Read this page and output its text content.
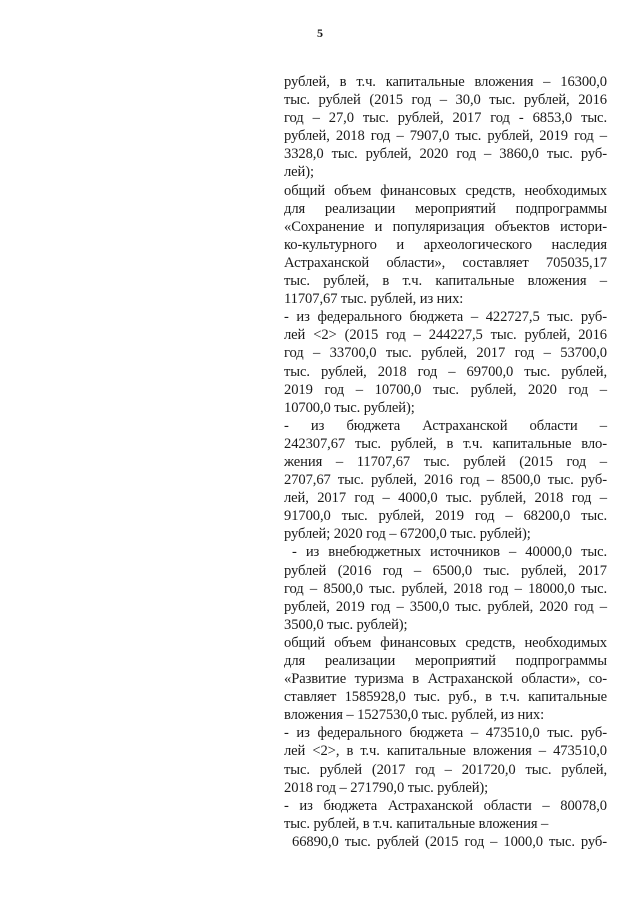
5
рублей, в т.ч. капитальные вложения – 16300,0
тыс. рублей (2015 год – 30,0 тыс. рублей, 2016
год – 27,0 тыс. рублей, 2017 год - 6853,0 тыс.
рублей, 2018 год – 7907,0 тыс. рублей, 2019 год –
3328,0 тыс. рублей, 2020 год – 3860,0 тыс. руб-
лей);
общий объем финансовых средств, необходимых
для реализации мероприятий подпрограммы
«Сохранение и популяризация объектов истори-
ко-культурного и археологического наследия
Астраханской области», составляет 705035,17
тыс. рублей, в т.ч. капитальные вложения –
11707,67 тыс. рублей, из них:
- из федерального бюджета – 422727,5 тыс. руб-
лей <2> (2015 год – 244227,5 тыс. рублей, 2016
год – 33700,0 тыс. рублей, 2017 год – 53700,0
тыс. рублей, 2018 год – 69700,0 тыс. рублей,
2019 год – 10700,0 тыс. рублей, 2020 год –
10700,0 тыс. рублей);
- из бюджета Астраханской области –
242307,67 тыс. рублей, в т.ч. капитальные вло-
жения – 11707,67 тыс. рублей (2015 год –
2707,67 тыс. рублей, 2016 год – 8500,0 тыс. руб-
лей, 2017 год – 4000,0 тыс. рублей, 2018 год –
91700,0 тыс. рублей, 2019 год – 68200,0 тыс.
рублей; 2020 год – 67200,0 тыс. рублей);
- из внебюджетных источников – 40000,0 тыс.
рублей (2016 год – 6500,0 тыс. рублей, 2017
год – 8500,0 тыс. рублей, 2018 год – 18000,0 тыс.
рублей, 2019 год – 3500,0 тыс. рублей, 2020 год –
3500,0 тыс. рублей);
общий объем финансовых средств, необходимых
для реализации мероприятий подпрограммы
«Развитие туризма в Астраханской области», со-
ставляет 1585928,0 тыс. руб., в т.ч. капитальные
вложения – 1527530,0 тыс. рублей, из них:
- из федерального бюджета – 473510,0 тыс. руб-
лей <2>, в т.ч. капитальные вложения – 473510,0
тыс. рублей (2017 год – 201720,0 тыс. рублей,
2018 год – 271790,0 тыс. рублей);
- из бюджета Астраханской области – 80078,0
тыс. рублей, в т.ч. капитальные вложения –
66890,0 тыс. рублей (2015 год – 1000,0 тыс. руб-
